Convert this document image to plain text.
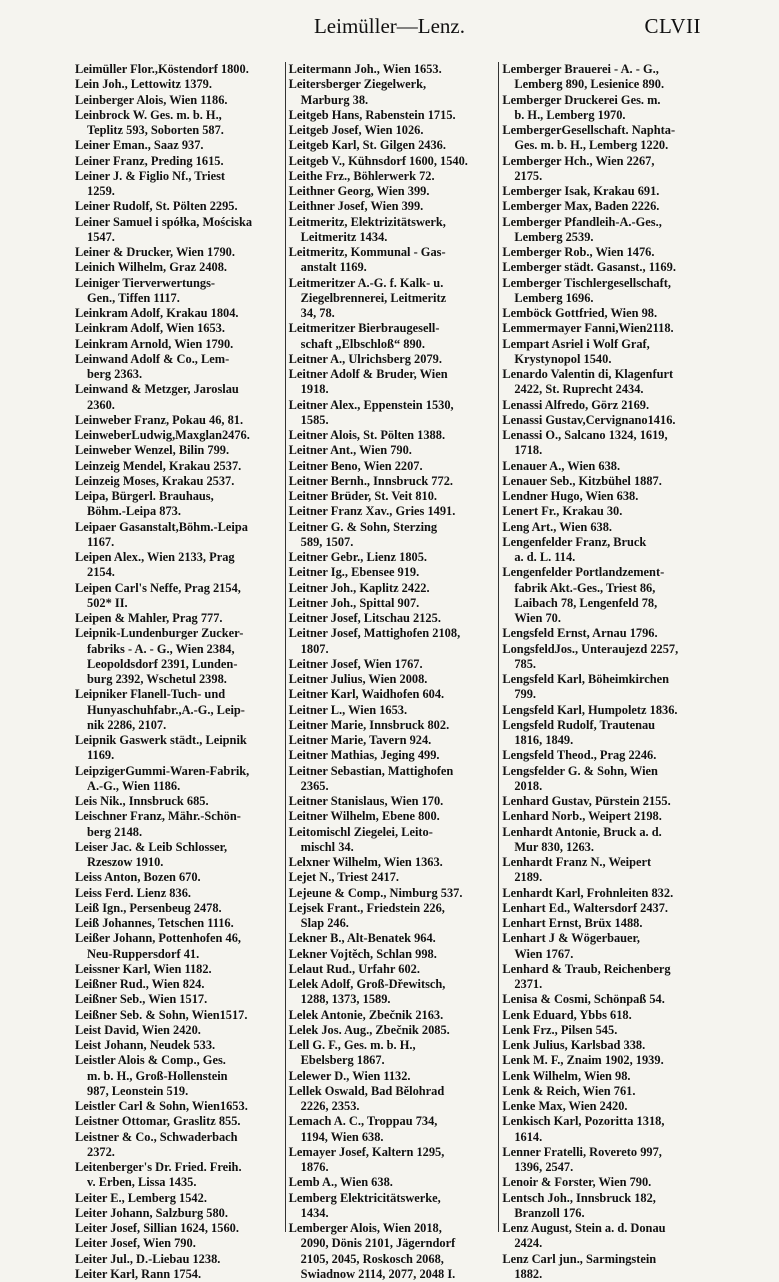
Leimüller—Lenz.	CLVII
Leimüller Flor.,Köstendorf 1800.
Lein Joh., Lettowitz 1379.
Leinberger Alois, Wien 1186.
Leinbrock W. Ges. m. b. H.,
Teplitz 593, Soborten 587.
Leiner Eman., Saaz 937.
Leiner Franz, Preding 1615.
Leiner J. & Figlio Nf., Triest
1259.
Leiner Rudolf, St. Pölten 2295.
Leiner Samuel i spółka, Mościska
1547.
Leiner & Drucker, Wien 1790.
Leinich Wilhelm, Graz 2408.
Leiniger Tierverwertungs-
Gen., Tiffen 1117.
Leinkram Adolf, Krakau 1804.
Leinkram Adolf, Wien 1653.
Leinkram Arnold, Wien 1790.
Leinwand Adolf & Co., Lem-
berg 2363.
Leinwand & Metzger, Jaroslau
2360.
Leinweber Franz, Pokau 46, 81.
LeinweberLudwig,Maxglan2476.
Leinweber Wenzel, Bilin 799.
Leinzeig Mendel, Krakau 2537.
Leinzeig Moses, Krakau 2537.
Leipa, Bürgerl. Brauhaus,
Böhm.-Leipa 873.
Leipaer Gasanstalt,Böhm.-Leipa
1167.
Leipen Alex., Wien 2133, Prag
2154.
Leipen Carl's Neffe, Prag 2154,
502* II.
Leipen & Mahler, Prag 777.
Leipnik-Lundenburger Zucker-
fabriks - A. - G., Wien 2384,
Leopoldsdorf 2391, Lunden-
burg 2392, Wschetul 2398.
Leipniker Flanell-Tuch- und
Hunyaschuhfabr.,A.-G., Leip-
nik 2286, 2107.
Leipnik Gaswerk städt., Leipnik
1169.
LeipzigerGummi-Waren-Fabrik,
A.-G., Wien 1186.
Leis Nik., Innsbruck 685.
Leischner Franz, Mähr.-Schön-
berg 2148.
Leiser Jac. & Leib Schlosser,
Rzeszow 1910.
Leiss Anton, Bozen 670.
Leiss Ferd. Lienz 836.
Leiß Ign., Persenbeug 2478.
Leiß Johannes, Tetschen 1116.
Leißer Johann, Pottenhofen 46,
Neu-Ruppersdorf 41.
Leissner Karl, Wien 1182.
Leißner Rud., Wien 824.
Leißner Seb., Wien 1517.
Leißner Seb. & Sohn, Wien1517.
Leist David, Wien 2420.
Leist Johann, Neudek 533.
Leistler Alois & Comp., Ges.
m. b. H., Groß-Hollenstein
987, Leonstein 519.
Leistler Carl & Sohn, Wien1653.
Leistner Ottomar, Graslitz 855.
Leistner & Co., Schwaderbach
2372.
Leitenberger's Dr. Fried. Freih.
v. Erben, Lissa 1435.
Leiter E., Lemberg 1542.
Leiter Johann, Salzburg 580.
Leiter Josef, Sillian 1624, 1560.
Leiter Josef, Wien 790.
Leiter Jul., D.-Liebau 1238.
Leiter Karl, Rann 1754.
Leitermann Joh., Wien 1653.
Leitersberger Ziegelwerk,
Marburg 38.
Leitgeb Hans, Rabenstein 1715.
Leitgeb Josef, Wien 1026.
Leitgeb Karl, St. Gilgen 2436.
Leitgeb V., Kühnsdorf 1600, 1540.
Leithe Frz., Böhlerwerk 72.
Leithner Georg, Wien 399.
Leithner Josef, Wien 399.
Leitmeritz, Elektrizitätswerk,
Leitmeritz 1434.
Leitmeritz, Kommunal - Gas-
anstalt 1169.
Leitmeritzer A.-G. f. Kalk- u.
Ziegelbrennerei, Leitmeritz
34, 78.
Leitmeritzer Bierbraugesell-
schaft „Elbschloß“ 890.
Leitner A., Ulrichsberg 2079.
Leitner Adolf & Bruder, Wien
1918.
Leitner Alex., Eppenstein 1530,
1585.
Leitner Alois, St. Pölten 1388.
Leitner Ant., Wien 790.
Leitner Beno, Wien 2207.
Leitner Bernh., Innsbruck 772.
Leitner Brüder, St. Veit 810.
Leitner Franz Xav., Gries 1491.
Leitner G. & Sohn, Sterzing
589, 1507.
Leitner Gebr., Lienz 1805.
Leitner Ig., Ebensee 919.
Leitner Joh., Kaplitz 2422.
Leitner Joh., Spittal 907.
Leitner Josef, Litschau 2125.
Leitner Josef, Mattighofen 2108,
1807.
Leitner Josef, Wien 1767.
Leitner Julius, Wien 2008.
Leitner Karl, Waidhofen 604.
Leitner L., Wien 1653.
Leitner Marie, Innsbruck 802.
Leitner Marie, Tavern 924.
Leitner Mathias, Jeging 499.
Leitner Sebastian, Mattighofen
2365.
Leitner Stanislaus, Wien 170.
Leitner Wilhelm, Ebene 800.
Leitomischl Ziegelei, Leito-
mischl 34.
Lelxner Wilhelm, Wien 1363.
Lejet N., Triest 2417.
Lejeune & Comp., Nimburg 537.
Lejsek Frant., Friedstein 226,
Slap 246.
Lekner B., Alt-Benatek 964.
Lekner Vojtěch, Schlan 998.
Lelaut Rud., Urfahr 602.
Lelek Adolf, Groß-Dřewitsch,
1288, 1373, 1589.
Lelek Antonie, Zbečnik 2163.
Lelek Jos. Aug., Zbečnik 2085.
Lell G. F., Ges. m. b. H.,
Ebelsberg 1867.
Lelewer D., Wien 1132.
Lellek Oswald, Bad Bělohrad
2226, 2353.
Lemach A. C., Troppau 734,
1194, Wien 638.
Lemayer Josef, Kaltern 1295,
1876.
Lemb A., Wien 638.
Lemberg Elektricitätswerke,
1434.
Lemberger Alois, Wien 2018,
2090, Dönis 2101, Jägerndorf
2105, 2045, Roskosch 2068,
Swiadnow 2114, 2077, 2048 I.
Lemberger Brauerei - A. - G.,
Lemberg 890, Lesienice 890.
Lemberger Druckerei Ges. m.
b. H., Lemberg 1970.
LembergerGesellschaft. Naphta-
Ges. m. b. H., Lemberg 1220.
Lemberger Hch., Wien 2267,
2175.
Lemberger Isak, Krakau 691.
Lemberger Max, Baden 2226.
Lemberger Pfandleih-A.-Ges.,
Lemberg 2539.
Lemberger Rob., Wien 1476.
Lemberger städt. Gasanst., 1169.
Lemberger Tischlergesellschaft,
Lemberg 1696.
Lemböck Gottfried, Wien 98.
Lemmermayer Fanni,Wien2118.
Lempart Asriel i Wolf Graf,
Krystynopol 1540.
Lenardo Valentin di, Klagenfurt
2422, St. Ruprecht 2434.
Lenassi Alfredo, Görz 2169.
Lenassi Gustav,Cervignano1416.
Lenassi O., Salcano 1324, 1619,
1718.
Lenauer A., Wien 638.
Lenauer Seb., Kitzbühel 1887.
Lendner Hugo, Wien 638.
Lenert Fr., Krakau 30.
Leng Art., Wien 638.
Lengenfelder Franz, Bruck
a. d. L. 114.
Lengenfelder Portlandzement-
fabrik Akt.-Ges., Triest 86,
Laibach 78, Lengenfeld 78,
Wien 70.
Lengsfeld Ernst, Arnau 1796.
LongsfeldJos., Unteraujezd 2257,
785.
Lengsfeld Karl, Böheimkirchen
799.
Lengsfeld Karl, Humpoletz 1836.
Lengsfeld Rudolf, Trautenau
1816, 1849.
Lengsfeld Theod., Prag 2246.
Lengsfelder G. & Sohn, Wien
2018.
Lenhard Gustav, Pürstein 2155.
Lenhard Norb., Weipert 2198.
Lenhardt Antonie, Bruck a. d.
Mur 830, 1263.
Lenhardt Franz N., Weipert
2189.
Lenhardt Karl, Frohnleiten 832.
Lenhart Ed., Waltersdorf 2437.
Lenhart Ernst, Brüx 1488.
Lenhart J & Wögerbauer,
Wien 1767.
Lenhard & Traub, Reichenberg
2371.
Lenisa & Cosmi, Schönpaß 54.
Lenk Eduard, Ybbs 618.
Lenk Frz., Pilsen 545.
Lenk Julius, Karlsbad 338.
Lenk M. F., Znaim 1902, 1939.
Lenk Wilhelm, Wien 98.
Lenk & Reich, Wien 761.
Lenke Max, Wien 2420.
Lenkisch Karl, Pozoritta 1318,
1614.
Lenner Fratelli, Rovereto 997,
1396, 2547.
Lenoir & Forster, Wien 790.
Lentsch Joh., Innsbruck 182,
Branzoll 176.
Lenz August, Stein a. d. Donau
2424.
Lenz Carl jun., Sarmingstein
1882.
